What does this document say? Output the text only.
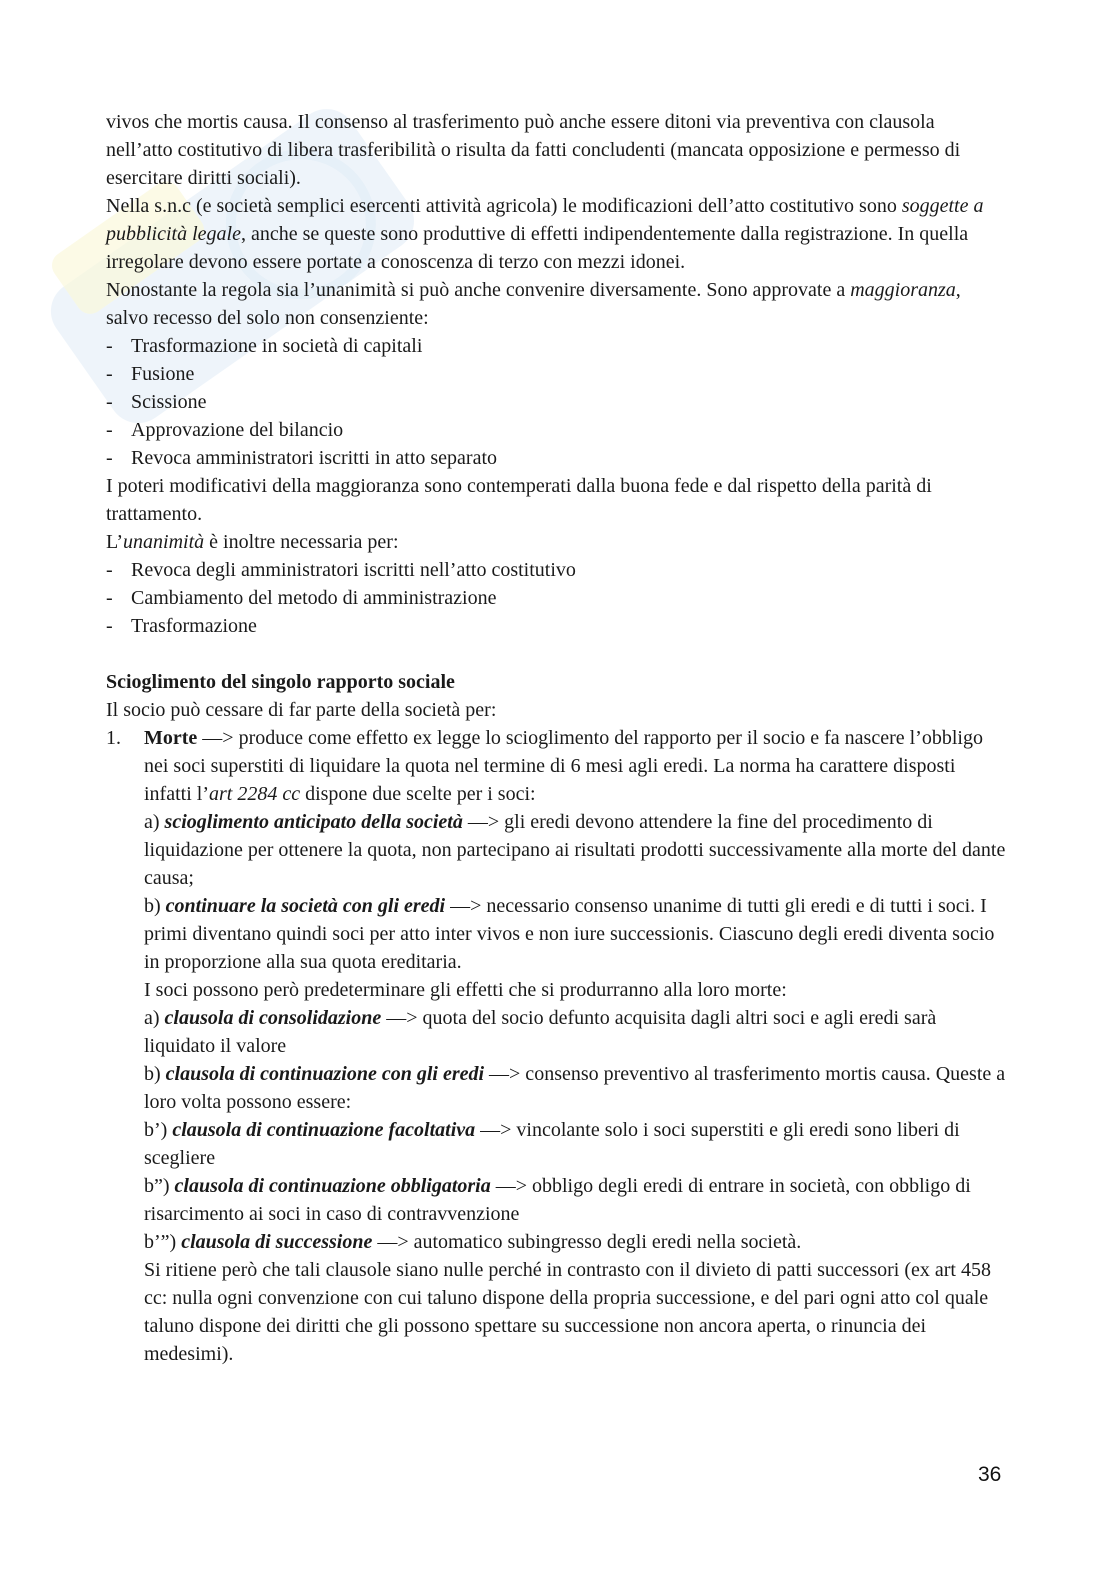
vivos che mortis causa. Il consenso al trasferimento può anche essere ditoni via preventiva con clausola nell’atto costitutivo di libera trasferibilità o risulta da fatti concludenti (mancata opposizione e permesso di esercitare diritti sociali).

Nella s.n.c (e società semplici esercenti attività agricola) le modificazioni dell’atto costitutivo sono soggette a pubblicità legale, anche se queste sono produttive di effetti indipendentemente dalla registrazione. In quella irregolare devono essere portate a conoscenza di terzo con mezzi idonei.

Nonostante la regola sia l’unanimità si può anche convenire diversamente. Sono approvate a maggioranza, salvo recesso del solo non consenziente:

- Trasformazione in società di capitali
- Fusione
- Scissione
- Approvazione del bilancio
- Revoca amministratori iscritti in atto separato

I poteri modificativi della maggioranza sono contemperati dalla buona fede e dal rispetto della parità di trattamento.

L’unanimità è inoltre necessaria per:

- Revoca degli amministratori iscritti nell’atto costitutivo
- Cambiamento del metodo di amministrazione
- Trasformazione

Scioglimento del singolo rapporto sociale

Il socio può cessare di far parte della società per:

1. Morte —> produce come effetto ex legge lo scioglimento del rapporto per il socio e fa nascere l’obbligo nei soci superstiti di liquidare la quota nel termine di 6 mesi agli eredi. La norma ha carattere disposti infatti l’art 2284 cc dispone due scelte per i soci:

a) scioglimento anticipato della società —> gli eredi devono attendere la fine del procedimento di liquidazione per ottenere la quota, non partecipano ai risultati prodotti successivamente alla morte del dante causa;

b) continuare la società con gli eredi —> necessario consenso unanime di tutti gli eredi e di tutti i soci. I primi diventano quindi soci per atto inter vivos e non iure successionis. Ciascuno degli eredi diventa socio in proporzione alla sua quota ereditaria.

I soci possono però predeterminare gli effetti che si produrranno alla loro morte:

a) clausola di consolidazione —> quota del socio defunto acquisita dagli altri soci e agli eredi sarà liquidato il valore

b) clausola di continuazione con gli eredi —> consenso preventivo al trasferimento mortis causa. Queste a loro volta possono essere:

b’) clausola di continuazione facoltativa —> vincolante solo i soci superstiti e gli eredi sono liberi di scegliere

b”) clausola di continuazione obbligatoria —> obbligo degli eredi di entrare in società, con obbligo di risarcimento ai soci in caso di contravvenzione

b’”) clausola di successione —> automatico subingresso degli eredi nella società.

Si ritiene però che tali clausole siano nulle perché in contrasto con il divieto di patti successori (ex art 458 cc: nulla ogni convenzione con cui taluno dispone della propria successione, e del pari ogni atto col quale taluno dispone dei diritti che gli possono spettare su successione non ancora aperta, o rinuncia dei medesimi).

36
